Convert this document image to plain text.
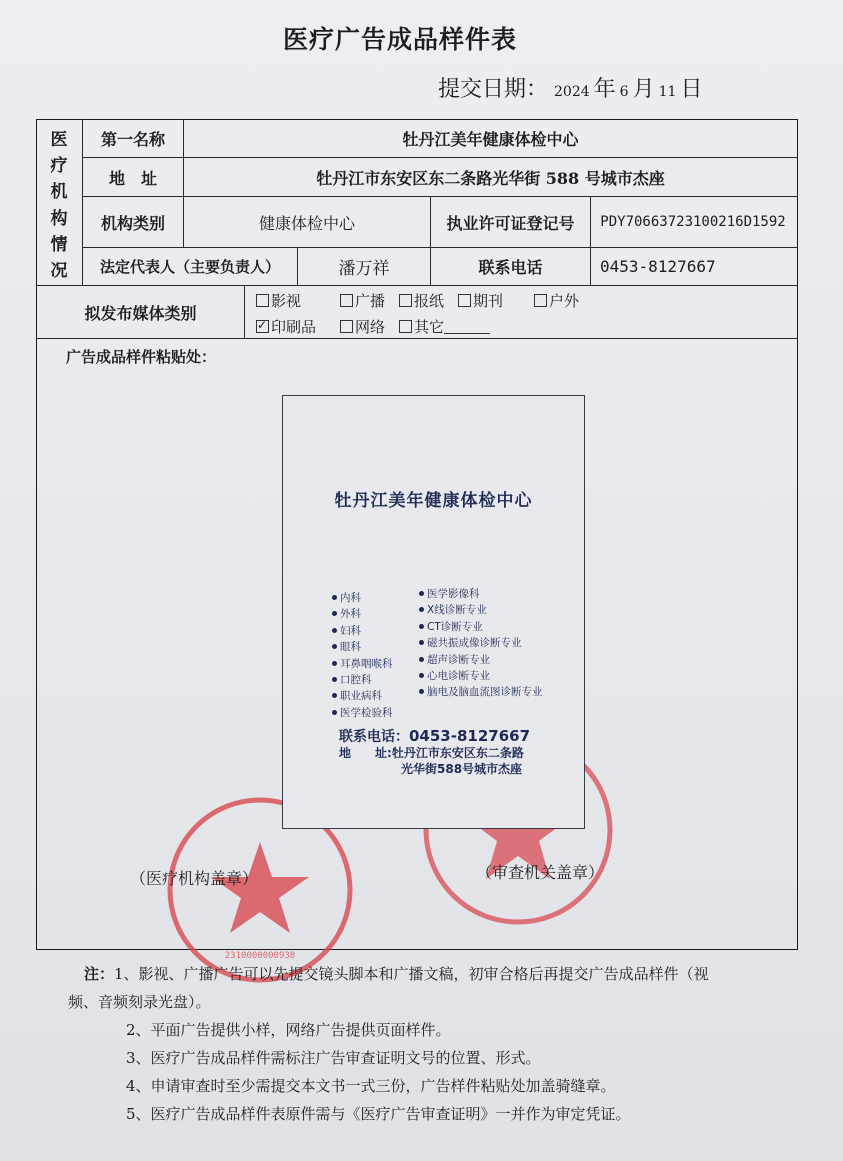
医疗广告成品样件表
提交日期： 2024 年 6 月 11 日
医
疗
机
构
情
况
第一名称	牡丹江美年健康体检中心
地　址	牡丹江市东安区东二条路光华街 588 号城市杰座
机构类别	健康体检中心	执业许可证登记号	PDY70663723100216D1592
法定代表人（主要负责人）	潘万祥	联系电话	0453-8127667
拟发布媒体类别
影视	广播	报纸	期刊	户外
✓印刷品	网络	其它
广告成品样件粘贴处：
2310000000938
牡丹江美年健康体检中心
内科
外科
妇科
眼科
耳鼻咽喉科
口腔科
职业病科
医学检验科
医学影像科
X线诊断专业
CT诊断专业
磁共振成像诊断专业
超声诊断专业
心电诊断专业
脑电及脑血流图诊断专业
联系电话：0453-8127667
地　　址:牡丹江市东安区东二条路
光华街588号城市杰座
（医疗机构盖章）	（审查机关盖章）
注：1、影视、广播广告可以先提交镜头脚本和广播文稿，初审合格后再提交广告成品样件（视
频、音频刻录光盘）。
2、平面广告提供小样，网络广告提供页面样件。
3、医疗广告成品样件需标注广告审查证明文号的位置、形式。
4、申请审查时至少需提交本文书一式三份，广告样件粘贴处加盖骑缝章。
5、医疗广告成品样件表原件需与《医疗广告审查证明》一并作为审定凭证。
